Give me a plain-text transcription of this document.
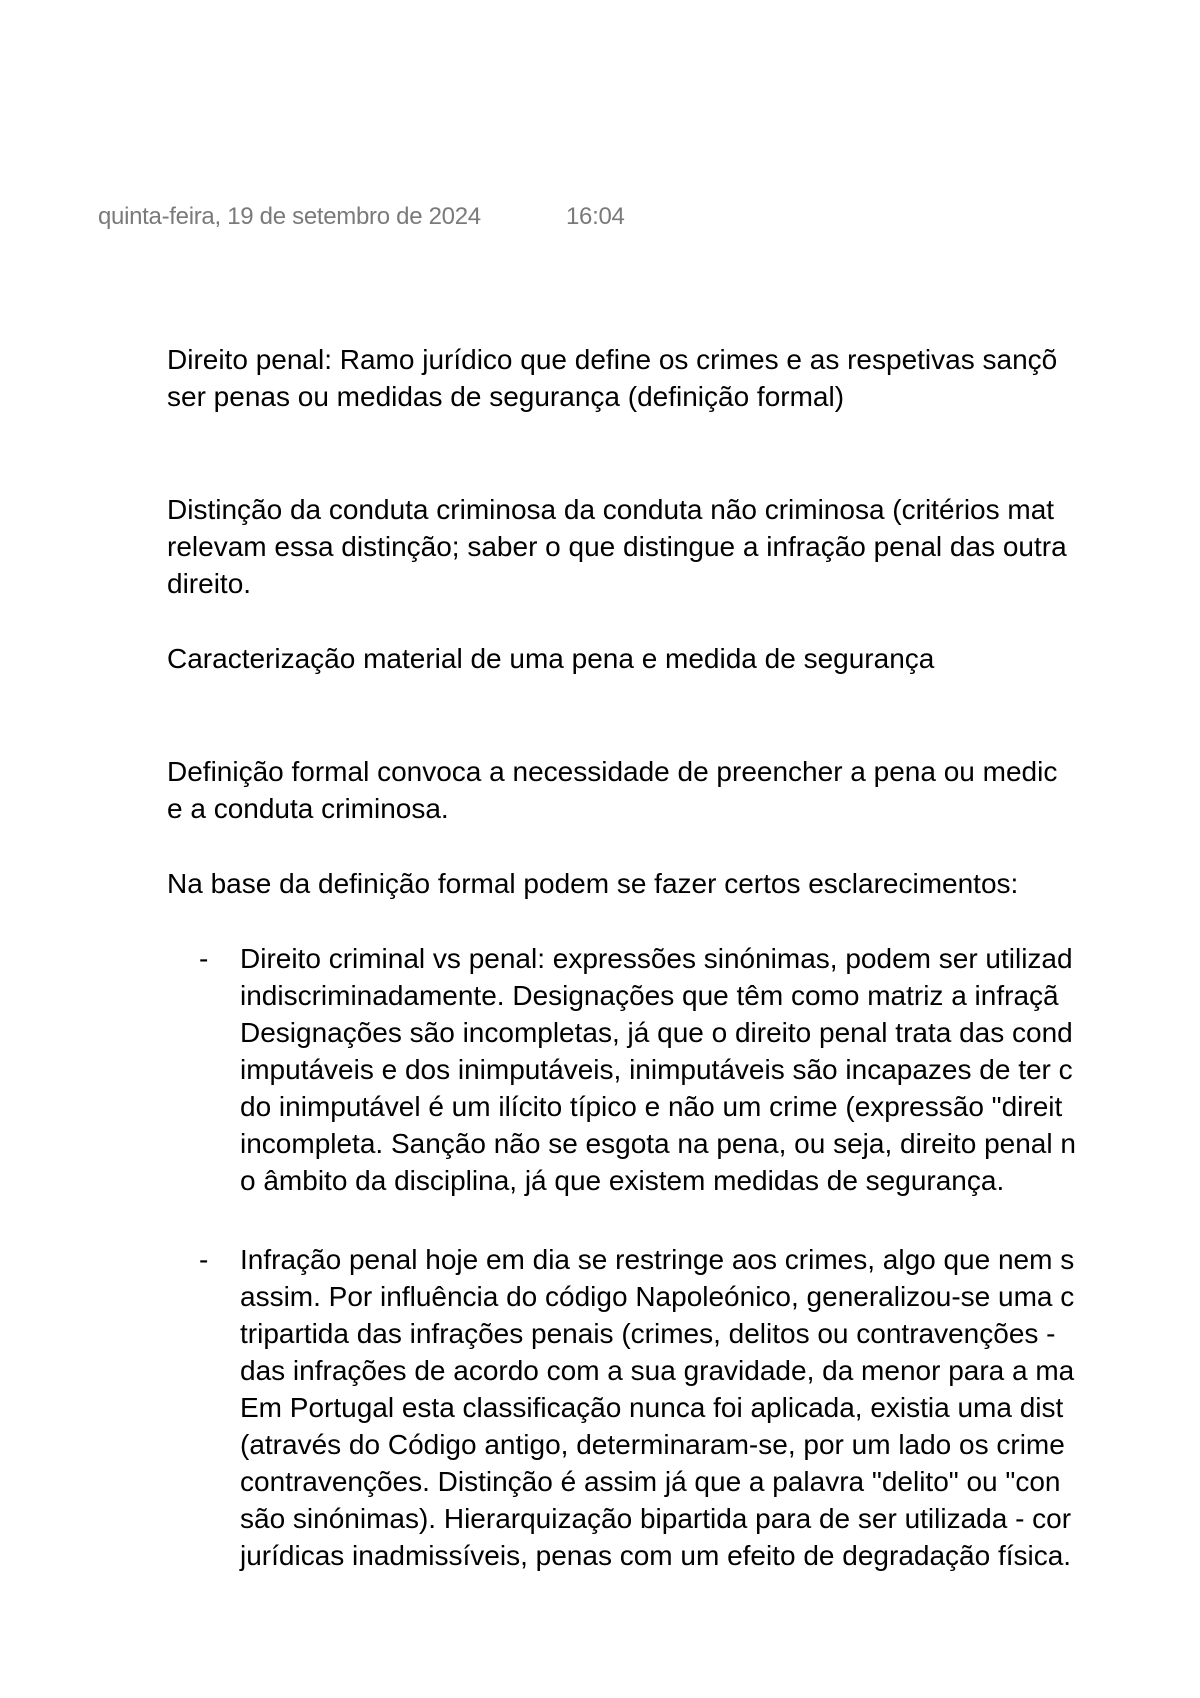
quinta-feira, 19 de setembro de 2024	16:04
Direito penal: Ramo jurídico que define os crimes e as respetivas sançõ
ser penas ou medidas de segurança (definição formal)
Distinção da conduta criminosa da conduta não criminosa (critérios mat
relevam essa distinção; saber o que distingue a infração penal das outra
direito.
Caracterização material de uma pena e medida de segurança
Definição formal convoca a necessidade de preencher a pena ou medic
e a conduta criminosa.
Na base da definição formal podem se fazer certos esclarecimentos:
- Direito criminal vs penal: expressões sinónimas, podem ser utilizad
indiscriminadamente. Designações que têm como matriz a infraçã
Designações são incompletas, já que o direito penal trata das cond
imputáveis e dos inimputáveis, inimputáveis são incapazes de ter c
do inimputável é um ilícito típico e não um crime (expressão "direit
incompleta. Sanção não se esgota na pena, ou seja, direito penal n
o âmbito da disciplina, já que existem medidas de segurança.
- Infração penal hoje em dia se restringe aos crimes, algo que nem s
assim. Por influência do código Napoleónico, generalizou-se uma c
tripartida das infrações penais (crimes, delitos ou contravenções -
das infrações de acordo com a sua gravidade, da menor para a ma
Em Portugal esta classificação nunca foi aplicada, existia uma dist
(através do Código antigo, determinaram-se, por um lado os crime
contravenções. Distinção é assim já que a palavra "delito" ou "con
são sinónimas). Hierarquização bipartida para de ser utilizada - cor
jurídicas inadmissíveis, penas com um efeito de degradação física.
